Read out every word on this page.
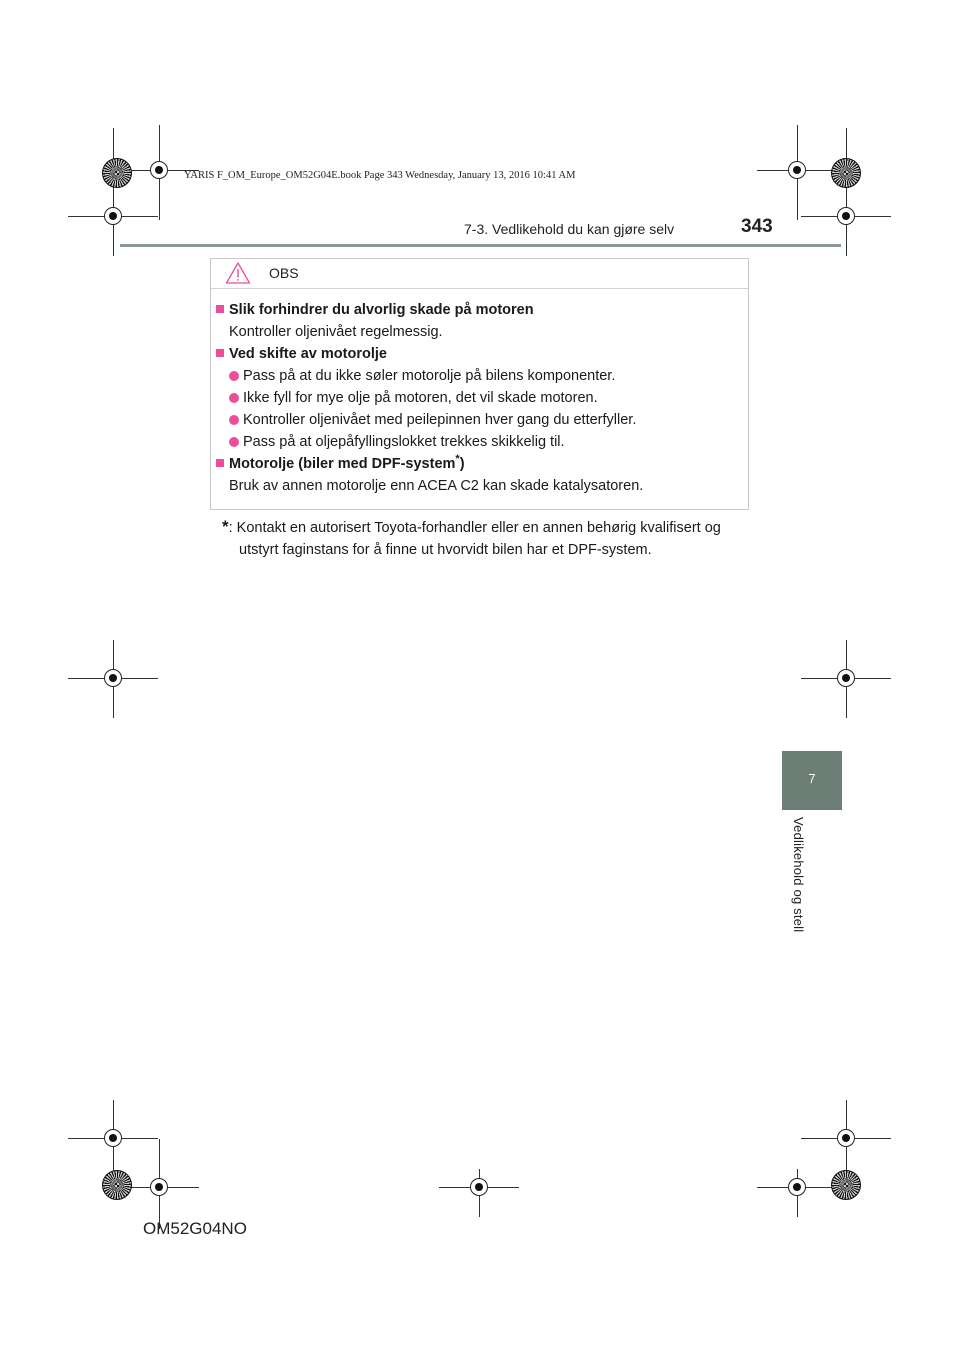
YARIS F_OM_Europe_OM52G04E.book Page 343 Wednesday, January 13, 2016 10:41 AM
7-3. Vedlikehold du kan gjøre selv	343
7
Vedlikehold og stell
OBS
Slik forhindrer du alvorlig skade på motoren
Kontroller oljenivået regelmessig.
Ved skifte av motorolje
Pass på at du ikke søler motorolje på bilens komponenter.
Ikke fyll for mye olje på motoren, det vil skade motoren.
Kontroller oljenivået med peilepinnen hver gang du etterfyller.
Pass på at oljepåfyllingslokket trekkes skikkelig til.
Motorolje (biler med DPF-system*)
Bruk av annen motorolje enn ACEA C2 kan skade katalysatoren.
*: Kontakt en autorisert Toyota-forhandler eller en annen behørig kvalifisert og
utstyrt faginstans for å finne ut hvorvidt bilen har et DPF-system.
OM52G04NO
